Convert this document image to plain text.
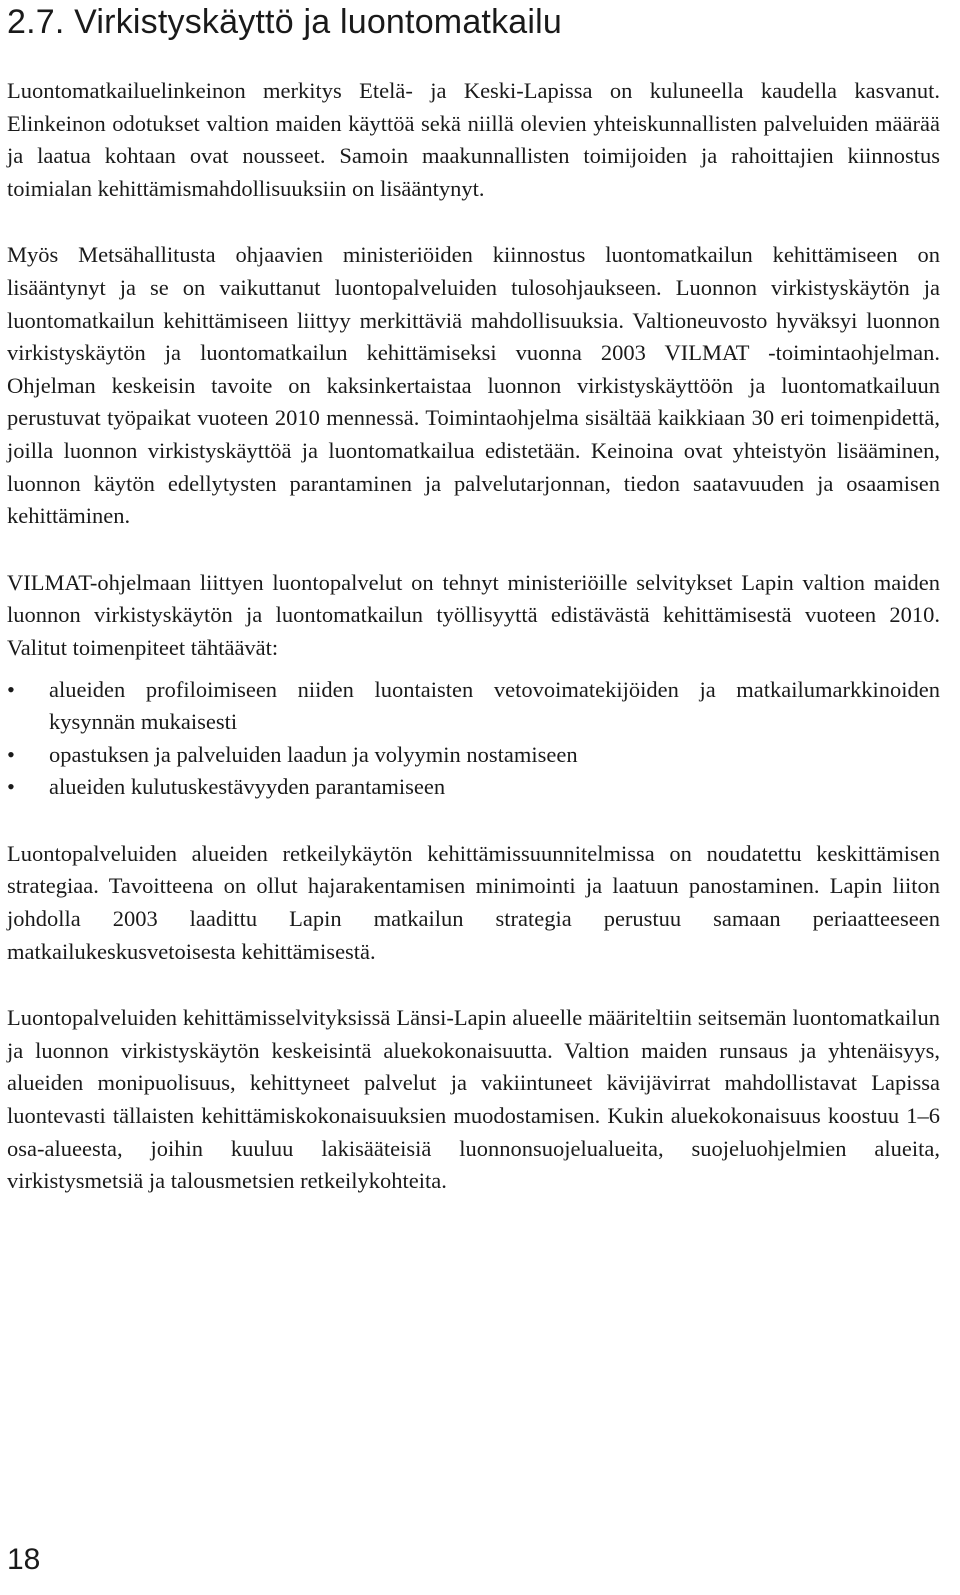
2.7. Virkistyskäyttö ja luontomatkailu

Luontomatkailuelinkeinon merkitys Etelä- ja Keski-Lapissa on kuluneella kaudella kasvanut. Elinkeinon odotukset valtion maiden käyttöä sekä niillä olevien yhteiskunnallisten palveluiden määrää ja laatua kohtaan ovat nousseet. Samoin maakunnallisten toimijoiden ja rahoittajien kiinnostus toimialan kehittämismahdollisuuksiin on lisääntynyt.

Myös Metsähallitusta ohjaavien ministeriöiden kiinnostus luontomatkailun kehittämiseen on lisääntynyt ja se on vaikuttanut luontopalveluiden tulosohjaukseen. Luonnon virkistyskäytön ja luontomatkailun kehittämiseen liittyy merkittäviä mahdollisuuksia. Valtioneuvosto hyväksyi luonnon virkistyskäytön ja luontomatkailun kehittämiseksi vuonna 2003 VILMAT -toimintaohjelman. Ohjelman keskeisin tavoite on kaksinkertaistaa luonnon virkistyskäyttöön ja luontomatkailuun perustuvat työpaikat vuoteen 2010 mennessä. Toimintaohjelma sisältää kaikkiaan 30 eri toimenpidettä, joilla luonnon virkistyskäyttöä ja luontomatkailua edistetään. Keinoina ovat yhteistyön lisääminen, luonnon käytön edellytysten parantaminen ja palvelutarjonnan, tiedon saatavuuden ja osaamisen kehittäminen.

VILMAT-ohjelmaan liittyen luontopalvelut on tehnyt ministeriöille selvitykset Lapin valtion maiden luonnon virkistyskäytön ja luontomatkailun työllisyyttä edistävästä kehittämisestä vuoteen 2010. Valitut toimenpiteet tähtäävät:

•	alueiden profiloimiseen niiden luontaisten vetovoimatekijöiden ja matkailumarkkinoiden kysynnän mukaisesti
•	opastuksen ja palveluiden laadun ja volyymin nostamiseen
•	alueiden kulutuskestävyyden parantamiseen

Luontopalveluiden alueiden retkeilykäytön kehittämissuunnitelmissa on noudatettu keskittämisen strategiaa. Tavoitteena on ollut hajarakentamisen minimointi ja laatuun panostaminen. Lapin liiton johdolla 2003 laadittu Lapin matkailun strategia perustuu samaan periaatteeseen matkailukeskusvetoisesta kehittämisestä.

Luontopalveluiden kehittämisselvityksissä Länsi-Lapin alueelle määriteltiin seitsemän luontomatkailun ja luonnon virkistyskäytön keskeisintä aluekokonaisuutta. Valtion maiden runsaus ja yhtenäisyys, alueiden monipuolisuus, kehittyneet palvelut ja vakiintuneet kävijävirrat mahdollistavat Lapissa luontevasti tällaisten kehittämiskokonaisuuksien muodostamisen. Kukin aluekokonaisuus koostuu 1–6 osa-alueesta, joihin kuuluu lakisääteisiä luonnonsuojelualueita, suojeluohjelmien alueita, virkistysmetsiä ja talousmetsien retkeilykohteita.

18
